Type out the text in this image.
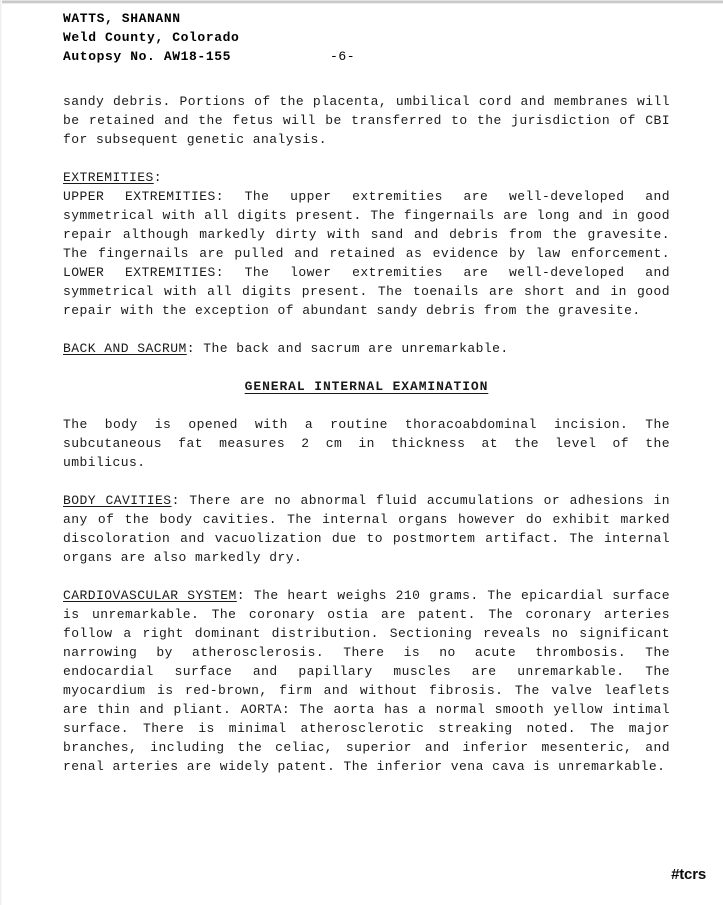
WATTS, SHANANN
Weld County, Colorado
Autopsy No. AW18-155	-6-

sandy debris. Portions of the placenta, umbilical cord and membranes will be retained and the fetus will be transferred to the jurisdiction of CBI for subsequent genetic analysis.

EXTREMITIES:

UPPER EXTREMITIES: The upper extremities are well-developed and symmetrical with all digits present. The fingernails are long and in good repair although markedly dirty with sand and debris from the gravesite. The fingernails are pulled and retained as evidence by law enforcement. LOWER EXTREMITIES: The lower extremities are well-developed and symmetrical with all digits present. The toenails are short and in good repair with the exception of abundant sandy debris from the gravesite.

BACK AND SACRUM: The back and sacrum are unremarkable.

GENERAL INTERNAL EXAMINATION

The body is opened with a routine thoracoabdominal incision. The subcutaneous fat measures 2 cm in thickness at the level of the umbilicus.

BODY CAVITIES: There are no abnormal fluid accumulations or adhesions in any of the body cavities. The internal organs however do exhibit marked discoloration and vacuolization due to postmortem artifact. The internal organs are also markedly dry.

CARDIOVASCULAR SYSTEM: The heart weighs 210 grams. The epicardial surface is unremarkable. The coronary ostia are patent. The coronary arteries follow a right dominant distribution. Sectioning reveals no significant narrowing by atherosclerosis. There is no acute thrombosis. The endocardial surface and papillary muscles are unremarkable. The myocardium is red-brown, firm and without fibrosis. The valve leaflets are thin and pliant. AORTA: The aorta has a normal smooth yellow intimal surface. There is minimal atherosclerotic streaking noted. The major branches, including the celiac, superior and inferior mesenteric, and renal arteries are widely patent. The inferior vena cava is unremarkable.

#tcrs
